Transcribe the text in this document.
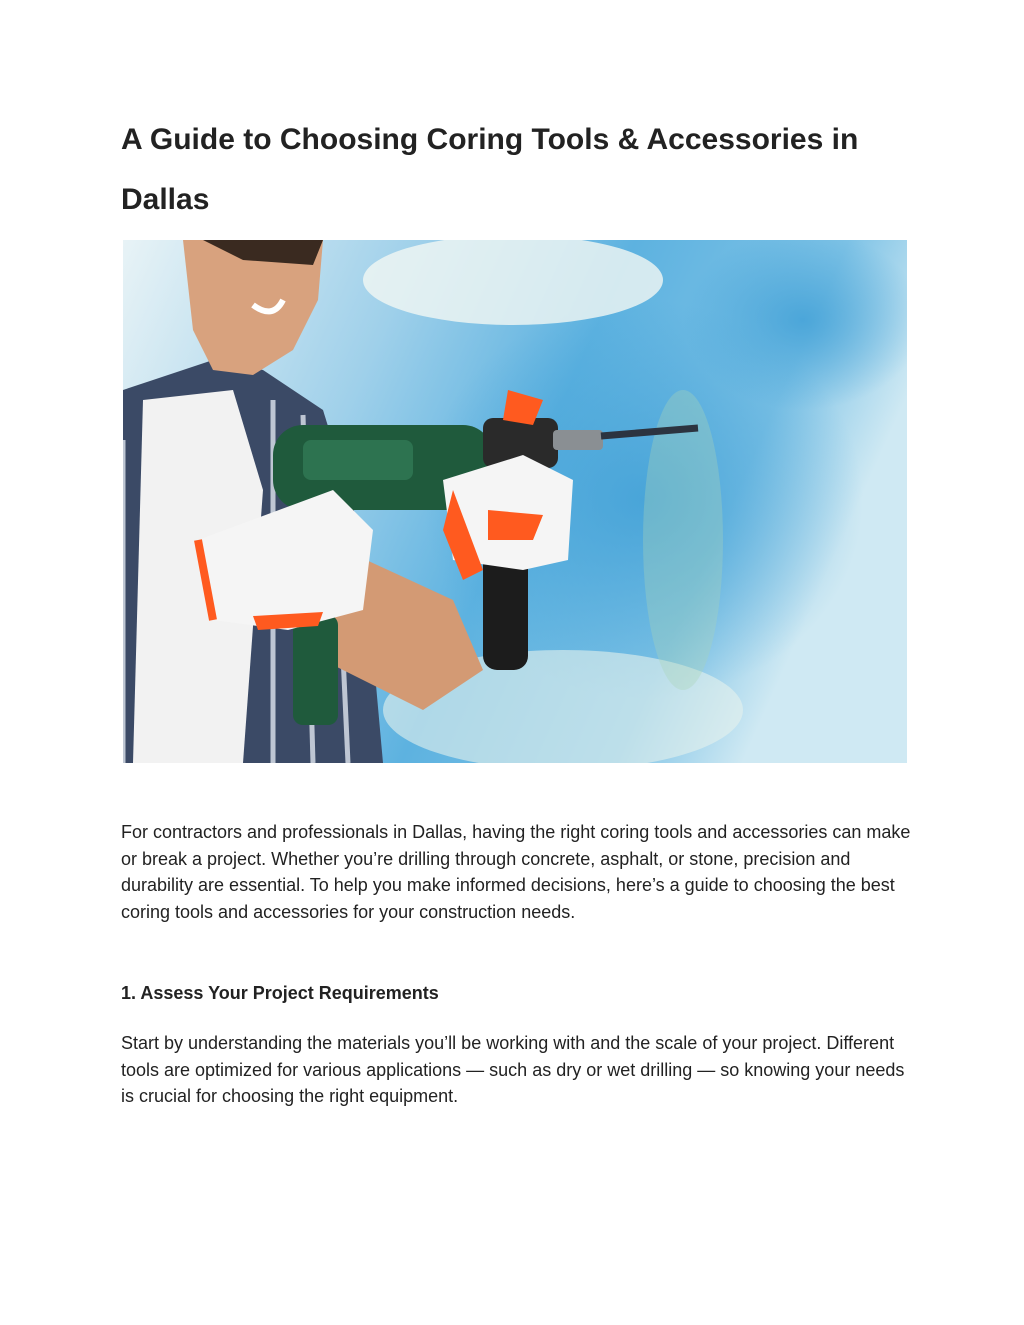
A Guide to Choosing Coring Tools & Accessories in Dallas

For contractors and professionals in Dallas, having the right coring tools and accessories can make or break a project. Whether you’re drilling through concrete, asphalt, or stone, precision and durability are essential. To help you make informed decisions, here’s a guide to choosing the best coring tools and accessories for your construction needs.

1. Assess Your Project Requirements

Start by understanding the materials you’ll be working with and the scale of your project. Different tools are optimized for various applications — such as dry or wet drilling — so knowing your needs is crucial for choosing the right equipment.
